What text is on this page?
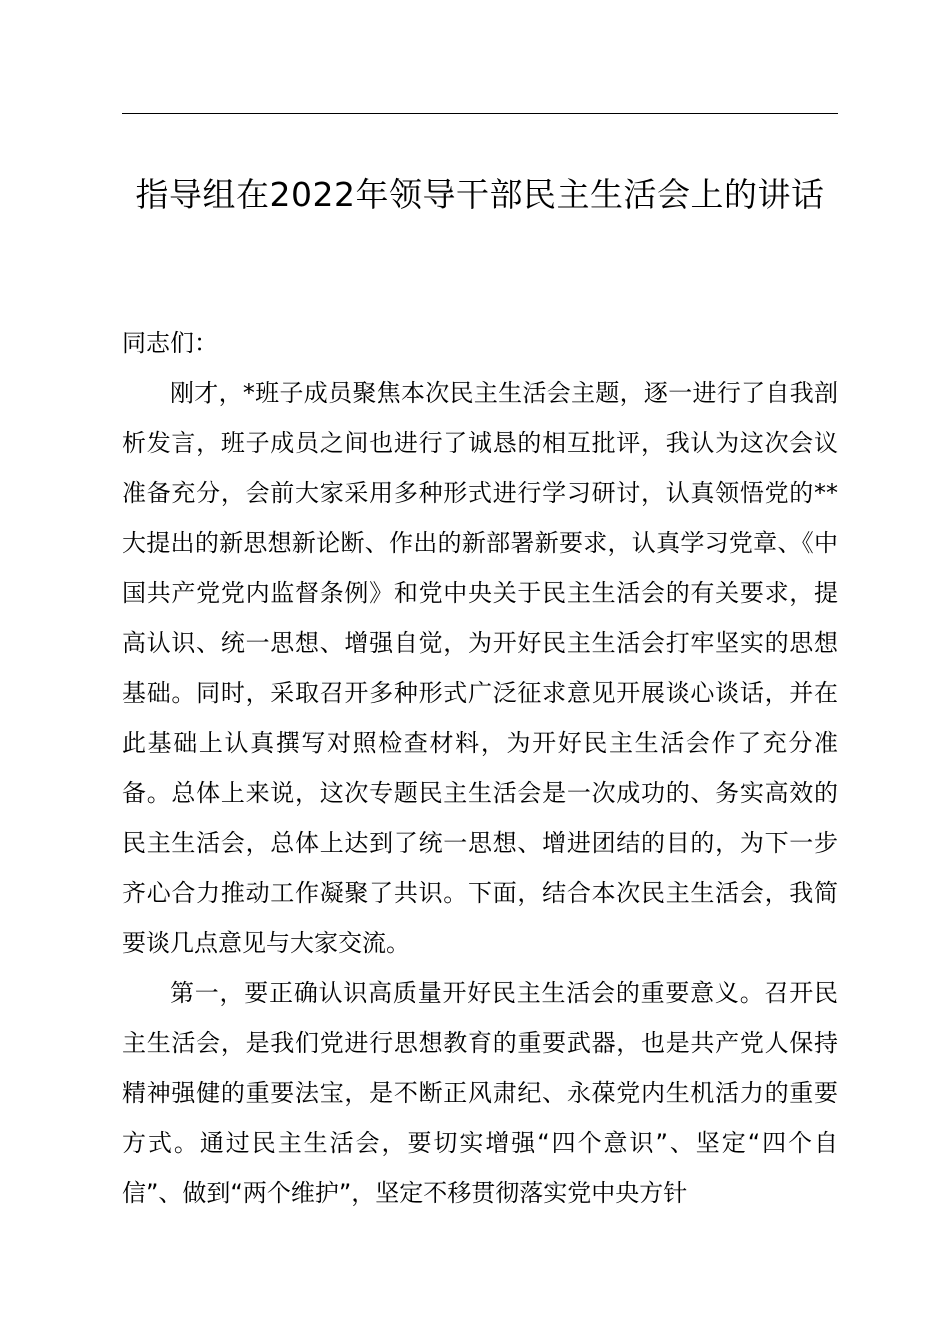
指导组在2022年领导干部民主生活会上的讲话

同志们：

刚才，*班子成员聚焦本次民主生活会主题，逐一进行了自我剖析发言，班子成员之间也进行了诚恳的相互批评，我认为这次会议准备充分，会前大家采用多种形式进行学习研讨，认真领悟党的**大提出的新思想新论断、作出的新部署新要求，认真学习党章、《中国共产党党内监督条例》和党中央关于民主生活会的有关要求，提高认识、统一思想、增强自觉，为开好民主生活会打牢坚实的思想基础。同时，采取召开多种形式广泛征求意见开展谈心谈话，并在此基础上认真撰写对照检查材料，为开好民主生活会作了充分准备。总体上来说，这次专题民主生活会是一次成功的、务实高效的民主生活会，总体上达到了统一思想、增进团结的目的，为下一步齐心合力推动工作凝聚了共识。下面，结合本次民主生活会，我简要谈几点意见与大家交流。

第一，要正确认识高质量开好民主生活会的重要意义。召开民主生活会，是我们党进行思想教育的重要武器，也是共产党人保持精神强健的重要法宝，是不断正风肃纪、永葆党内生机活力的重要方式。通过民主生活会，要切实增强“四个意识”、坚定“四个自信”、做到“两个维护”，坚定不移贯彻落实党中央方针
